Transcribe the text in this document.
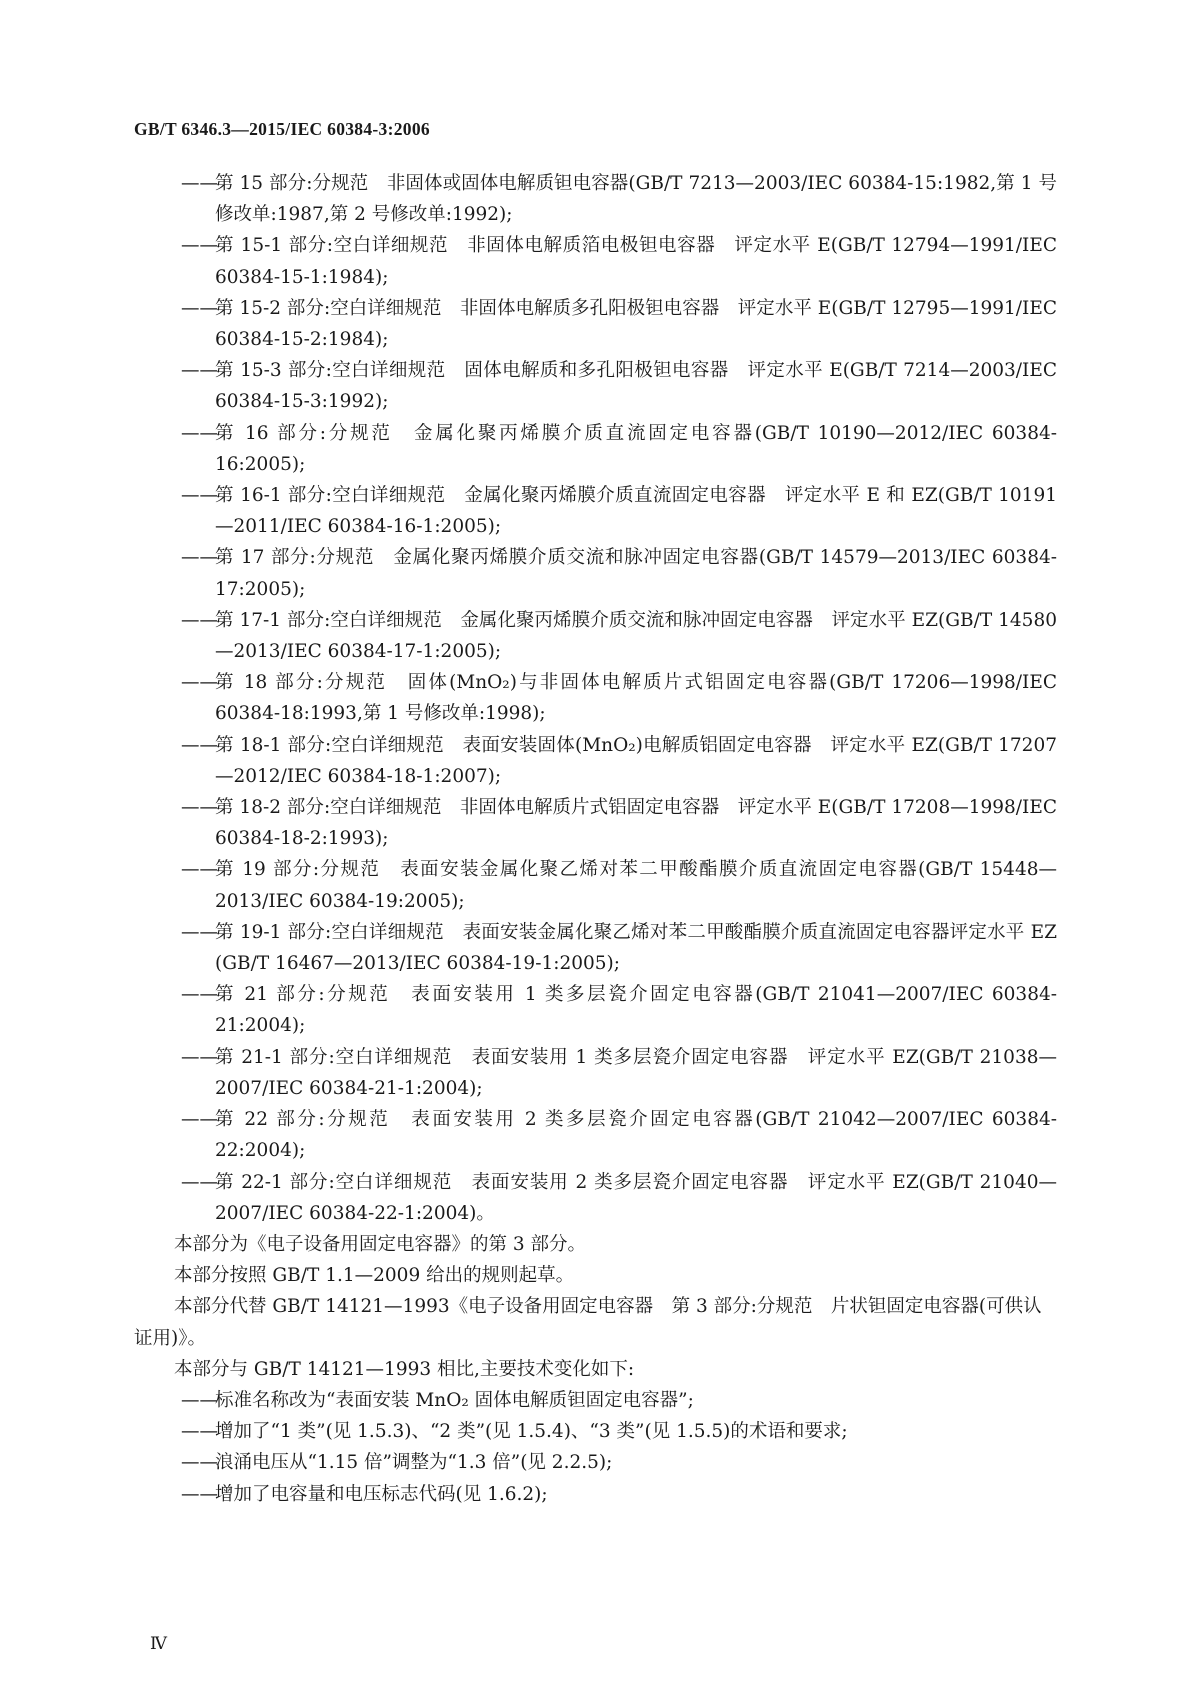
GB/T 6346.3—2015/IEC 60384-3:2006
——
第 15 部分:分规范　非固体或固体电解质钽电容器(GB/T 7213—2003/IEC 60384-15:1982,第 1 号修改单:1987,第 2 号修改单:1992);
——
第 15-1 部分:空白详细规范　非固体电解质箔电极钽电容器　评定水平 E(GB/T 12794—1991/IEC 60384-15-1:1984);
——
第 15-2 部分:空白详细规范　非固体电解质多孔阳极钽电容器　评定水平 E(GB/T 12795—1991/IEC 60384-15-2:1984);
——
第 15-3 部分:空白详细规范　固体电解质和多孔阳极钽电容器　评定水平 E(GB/T 7214—2003/IEC 60384-15-3:1992);
——
第 16 部分:分规范　金属化聚丙烯膜介质直流固定电容器(GB/T 10190—2012/IEC 60384-16:2005);
——
第 16-1 部分:空白详细规范　金属化聚丙烯膜介质直流固定电容器　评定水平 E 和 EZ(GB/T 10191—2011/IEC 60384-16-1:2005);
——
第 17 部分:分规范　金属化聚丙烯膜介质交流和脉冲固定电容器(GB/T 14579—2013/IEC 60384-17:2005);
——
第 17-1 部分:空白详细规范　金属化聚丙烯膜介质交流和脉冲固定电容器　评定水平 EZ(GB/T 14580—2013/IEC 60384-17-1:2005);
——
第 18 部分:分规范　固体(MnO₂)与非固体电解质片式铝固定电容器(GB/T 17206—1998/IEC 60384-18:1993,第 1 号修改单:1998);
——
第 18-1 部分:空白详细规范　表面安装固体(MnO₂)电解质铝固定电容器　评定水平 EZ(GB/T 17207—2012/IEC 60384-18-1:2007);
——
第 18-2 部分:空白详细规范　非固体电解质片式铝固定电容器　评定水平 E(GB/T 17208—1998/IEC 60384-18-2:1993);
——
第 19 部分:分规范　表面安装金属化聚乙烯对苯二甲酸酯膜介质直流固定电容器(GB/T 15448—2013/IEC 60384-19:2005);
——
第 19-1 部分:空白详细规范　表面安装金属化聚乙烯对苯二甲酸酯膜介质直流固定电容器评定水平 EZ (GB/T 16467—2013/IEC 60384-19-1:2005);
——
第 21 部分:分规范　表面安装用 1 类多层瓷介固定电容器(GB/T 21041—2007/IEC 60384-21:2004);
——
第 21-1 部分:空白详细规范　表面安装用 1 类多层瓷介固定电容器　评定水平 EZ(GB/T 21038—2007/IEC 60384-21-1:2004);
——
第 22 部分:分规范　表面安装用 2 类多层瓷介固定电容器(GB/T 21042—2007/IEC 60384-22:2004);
——
第 22-1 部分:空白详细规范　表面安装用 2 类多层瓷介固定电容器　评定水平 EZ(GB/T 21040—2007/IEC 60384-22-1:2004)。
本部分为《电子设备用固定电容器》的第 3 部分。
本部分按照 GB/T 1.1—2009 给出的规则起草。
本部分代替 GB/T 14121—1993《电子设备用固定电容器　第 3 部分:分规范　片状钽固定电容器(可供认证用)》。
本部分与 GB/T 14121—1993 相比,主要技术变化如下:
——
标准名称改为“表面安装 MnO₂ 固体电解质钽固定电容器”;
——
增加了“1 类”(见 1.5.3)、“2 类”(见 1.5.4)、“3 类”(见 1.5.5)的术语和要求;
——
浪涌电压从“1.15 倍”调整为“1.3 倍”(见 2.2.5);
——
增加了电容量和电压标志代码(见 1.6.2);
Ⅳ
